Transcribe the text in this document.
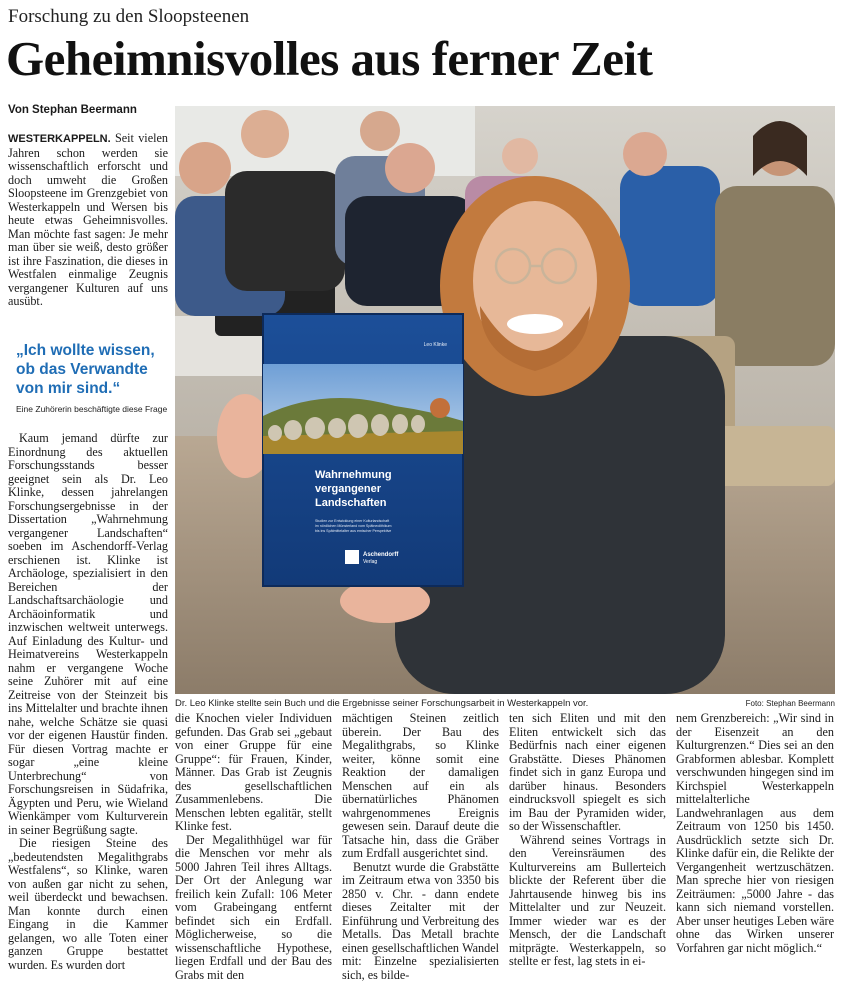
Forschung zu den Sloopsteenen
Geheimnisvolles aus ferner Zeit
Von Stephan Beermann

WESTERKAPPELN. Seit vielen Jahren schon werden sie wissenschaftlich erforscht und doch umweht die Großen Sloopsteene im Grenzgebiet von Westerkappeln und Wersen bis heute etwas Geheimnisvolles. Man möchte fast sagen: Je mehr man über sie weiß, desto größer ist ihre Faszination, die dieses in Westfalen einmalige Zeugnis vergangener Kulturen auf uns ausübt.

„Ich wollte wissen, ob das Verwandte von mir sind.“
Eine Zuhörerin beschäftigte diese Frage

Kaum jemand dürfte zur Einordnung des aktuellen Forschungsstands besser geeignet sein als Dr. Leo Klinke, dessen jahrelangen Forschungsergebnisse in der Dissertation „Wahrnehmung vergangener Landschaften“ soeben im Aschendorff-Verlag erschienen ist. Klinke ist Archäologe, spezialisiert in den Bereichen der Landschaftsarchäologie und Archäoinformatik und inzwischen weltweit unterwegs. Auf Einladung des Kultur- und Heimatvereins Westerkappeln nahm er vergangene Woche seine Zuhörer mit auf eine Zeitreise von der Steinzeit bis ins Mittelalter und brachte ihnen nahe, welche Schätze sie quasi vor der eigenen Haustür finden. Für diesen Vortrag machte er sogar „eine kleine Unterbrechung“ von Forschungsreisen in Südafrika, Ägypten und Peru, wie Wieland Wienkämper vom Kulturverein in seiner Begrüßung sagte.

Die riesigen Steine des „bedeutendsten Megalithgrabs Westfalens“, so Klinke, waren von außen gar nicht zu sehen, weil überdeckt und bewachsen. Man konnte durch einen Eingang in die Kammer gelangen, wo alle Toten einer ganzen Gruppe bestattet wurden. Es wurden dort

Leo Klinke
Wahrnehmung vergangener Landschaften
Studien zur Entwicklung einer Kulturlandschaft im nördlichen Münsterland vom Spätneolithikum bis ins Spätmittelalter aus emischer Perspektive
Aschendorff
Verlag
Dr. Leo Klinke stellte sein Buch und die Ergebnisse seiner Forschungsarbeit in Westerkappeln vor.	Foto: Stephan Beermann

die Knochen vieler Individuen gefunden. Das Grab sei „gebaut von einer Gruppe für eine Gruppe“: für Frauen, Kinder, Männer. Das Grab ist Zeugnis des gesellschaftlichen Zusammenlebens. Die Menschen lebten egalitär, stellt Klinke fest.

Der Megalithhügel war für die Menschen vor mehr als 5000 Jahren Teil ihres Alltags. Der Ort der Anlegung war freilich kein Zufall: 106 Meter vom Grabeingang entfernt befindet sich ein Erdfall. Möglicherweise, so die wissenschaftliche Hypothese, liegen Erdfall und der Bau des Grabs mit den

mächtigen Steinen zeitlich überein. Der Bau des Megalithgrabs, so Klinke weiter, könne somit eine Reaktion der damaligen Menschen auf ein als übernatürliches Phänomen wahrgenommenes Ereignis gewesen sein. Darauf deute die Tatsache hin, dass die Gräber zum Erdfall ausgerichtet sind.

Benutzt wurde die Grabstätte im Zeitraum etwa von 3350 bis 2850 v. Chr. - dann endete dieses Zeitalter mit der Einführung und Verbreitung des Metalls. Das Metall brachte einen gesellschaftlichen Wandel mit: Einzelne spezialisierten sich, es bilde-

ten sich Eliten und mit den Eliten entwickelt sich das Bedürfnis nach einer eigenen Grabstätte. Dieses Phänomen findet sich in ganz Europa und darüber hinaus. Besonders eindrucksvoll spiegelt es sich im Bau der Pyramiden wider, so der Wissenschaftler.

Während seines Vortrags in den Vereinsräumen des Kulturvereins am Bullerteich blickte der Referent über die Jahrtausende hinweg bis ins Mittelalter und zur Neuzeit. Immer wieder war es der Mensch, der die Landschaft mitprägte. Westerkappeln, so stellte er fest, lag stets in ei-

nem Grenzbereich: „Wir sind in der Eisenzeit an den Kulturgrenzen.“ Dies sei an den Grabformen ablesbar. Komplett verschwunden hingegen sind im Kirchspiel Westerkappeln mittelalterliche Landwehranlagen aus dem Zeitraum von 1250 bis 1450. Ausdrücklich setzte sich Dr. Klinke dafür ein, die Relikte der Vergangenheit wertzuschätzen. Man spreche hier von riesigen Zeiträumen: „5000 Jahre - das kann sich niemand vorstellen. Aber unser heutiges Leben wäre ohne das Wirken unserer Vorfahren gar nicht möglich.“
